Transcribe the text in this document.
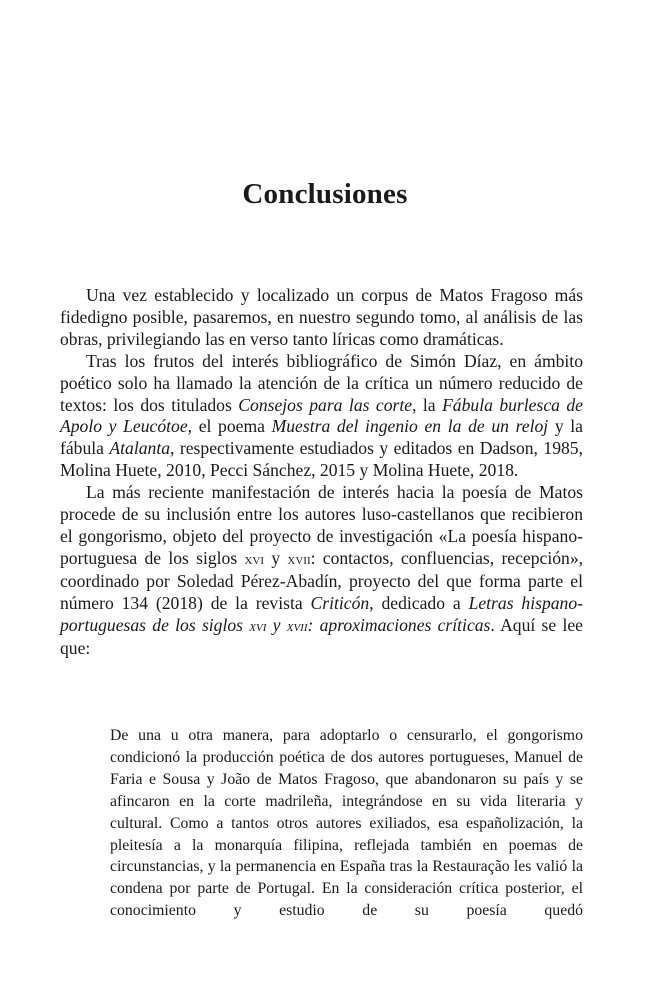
Conclusiones

Una vez establecido y localizado un corpus de Matos Fragoso más fidedigno posible, pasaremos, en nuestro segundo tomo, al análisis de las obras, privilegiando las en verso tanto líricas como dramáticas.

Tras los frutos del interés bibliográfico de Simón Díaz, en ámbito poético solo ha llamado la atención de la crítica un número reducido de textos: los dos titulados Consejos para las corte, la Fábula burlesca de Apolo y Leucótoe, el poema Muestra del ingenio en la de un reloj y la fábula Atalanta, respectivamente estudiados y editados en Dadson, 1985, Molina Huete, 2010, Pecci Sánchez, 2015 y Molina Huete, 2018.

La más reciente manifestación de interés hacia la poesía de Matos procede de su inclusión entre los autores luso-castellanos que recibieron el gongorismo, objeto del proyecto de investigación «La poesía hispano-portuguesa de los siglos xvi y xvii: contactos, confluencias, recepción», coordinado por Soledad Pérez-Abadín, proyecto del que forma parte el número 134 (2018) de la revista Criticón, dedicado a Letras hispano-portuguesas de los siglos xvi y xvii: aproximaciones críticas. Aquí se lee que:

De una u otra manera, para adoptarlo o censurarlo, el gongorismo condicionó la producción poética de dos autores portugueses, Manuel de Faria e Sousa y João de Matos Fragoso, que abandonaron su país y se afincaron en la corte madrileña, integrándose en su vida literaria y cultural. Como a tantos otros autores exiliados, esa españolización, la pleitesía a la monarquía filipina, reflejada también en poemas de circunstancias, y la permanencia en España tras la Restauração les valió la condena por parte de Portugal. En la consideración crítica posterior, el conocimiento y estudio de su poesía quedó
